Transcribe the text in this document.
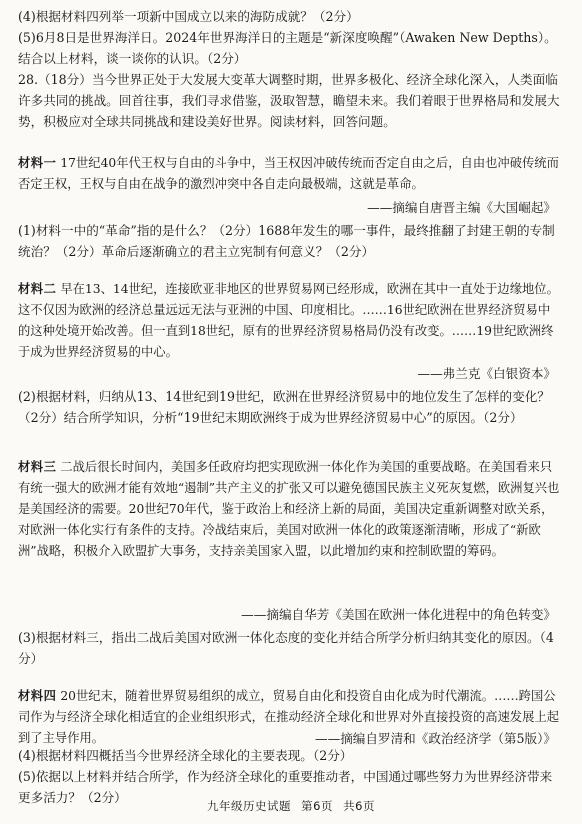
(4)根据材料四列举一项新中国成立以来的海防成就？（2分）

(5)6月8日是世界海洋日。2024年世界海洋日的主题是“新深度唤醒”（Awaken New Depths）。结合以上材料，谈一谈你的认识。（2分）

28.（18分）当今世界正处于大发展大变革大调整时期，世界多极化、经济全球化深入，人类面临许多共同的挑战。回首往事，我们寻求借鉴，汲取智慧，瞻望未来。我们着眼于世界格局和发展大势，积极应对全球共同挑战和建设美好世界。阅读材料，回答问题。

材料一 17世纪40年代王权与自由的斗争中，当王权因冲破传统而否定自由之后，自由也冲破传统而否定王权，王权与自由在战争的激烈冲突中各自走向最极端，这就是革命。

——摘编自唐晋主编《大国崛起》

(1)材料一中的“革命”指的是什么？（2分）1688年发生的哪一事件，最终推翻了封建王朝的专制统治？（2分）革命后逐渐确立的君主立宪制有何意义？（2分）

材料二 早在13、14世纪，连接欧亚非地区的世界贸易网已经形成，欧洲在其中一直处于边缘地位。这不仅因为欧洲的经济总量远远无法与亚洲的中国、印度相比。……16世纪欧洲在世界经济贸易中的这种处境开始改善。但一直到18世纪，原有的世界经济贸易格局仍没有改变。……19世纪欧洲终于成为世界经济贸易的中心。

——弗兰克《白银资本》

(2)根据材料，归纳从13、14世纪到19世纪，欧洲在世界经济贸易中的地位发生了怎样的变化？（2分）结合所学知识，分析“19世纪末期欧洲终于成为世界经济贸易中心”的原因。（2分）

材料三 二战后很长时间内，美国多任政府均把实现欧洲一体化作为美国的重要战略。在美国看来只有统一强大的欧洲才能有效地“遏制”共产主义的扩张又可以避免德国民族主义死灰复燃，欧洲复兴也是美国经济的需要。20世纪70年代，鉴于政治上和经济上新的局面，美国决定重新调整对欧关系，对欧洲一体化实行有条件的支持。冷战结束后，美国对欧洲一体化的政策逐渐清晰，形成了“新欧洲”战略，积极介入欧盟扩大事务，支持亲美国家入盟，以此增加约束和控制欧盟的筹码。

——摘编自华芳《美国在欧洲一体化进程中的角色转变》

(3)根据材料三，指出二战后美国对欧洲一体化态度的变化并结合所学分析归纳其变化的原因。（4分）

材料四 20世纪末，随着世界贸易组织的成立，贸易自由化和投资自由化成为时代潮流。……跨国公司作为与经济全球化相适宜的企业组织形式，在推动经济全球化和世界对外直接投资的高速发展上起到了主导作用。	——摘编自罗清和《政治经济学（第5版）》

(4)根据材料四概括当今世界经济全球化的主要表现。（2分）

(5)依据以上材料并结合所学，作为经济全球化的重要推动者，中国通过哪些努力为世界经济带来更多活力？（2分）

九年级历史试题 第6页 共6页
